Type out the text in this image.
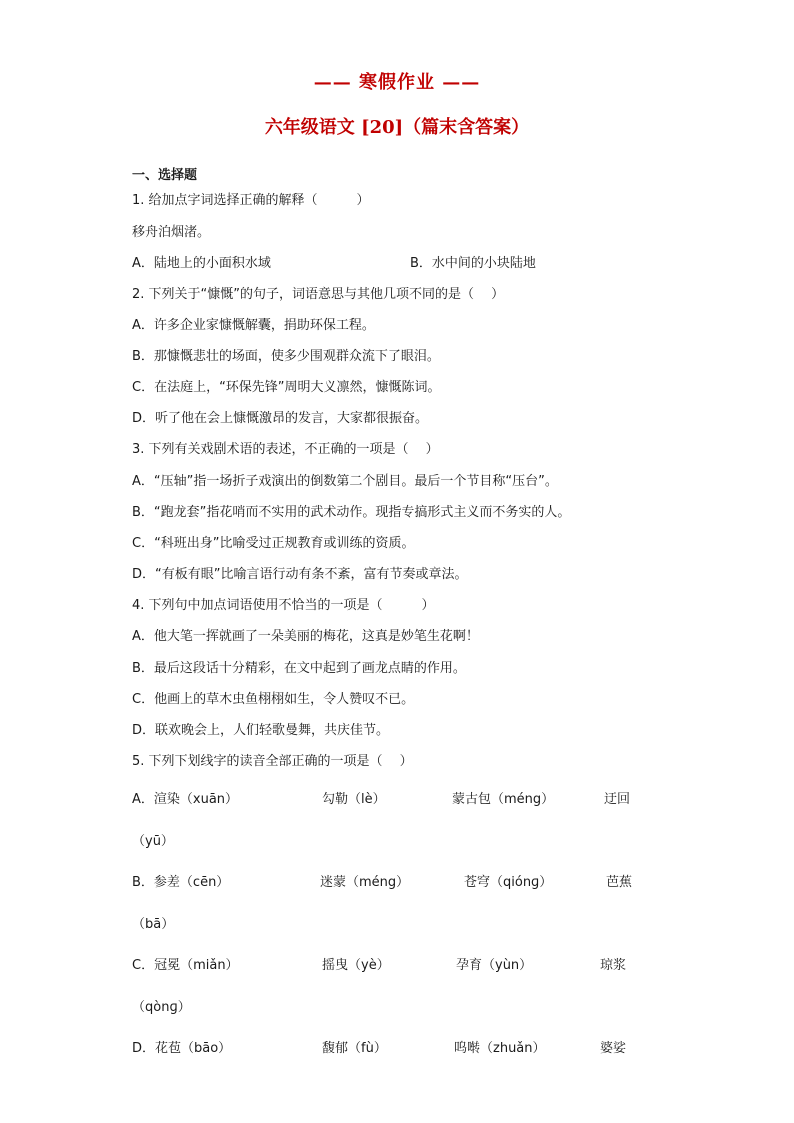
—— 寒假作业 ——
六年级语文 [20]（篇末含答案）
一、选择题
1. 给加点字词选择正确的解释（　　　）
移舟泊烟渚。
A．陆地上的小面积水域	B．水中间的小块陆地
2. 下列关于“慷慨”的句子，词语意思与其他几项不同的是（　 ）
A．许多企业家慷慨解囊，捐助环保工程。
B．那慷慨悲壮的场面，使多少围观群众流下了眼泪。
C．在法庭上，“环保先锋”周明大义凛然，慷慨陈词。
D．听了他在会上慷慨激昂的发言，大家都很振奋。
3. 下列有关戏剧术语的表述，不正确的一项是（　 ）
A．“压轴”指一场折子戏演出的倒数第二个剧目。最后一个节目称“压台”。
B．“跑龙套”指花哨而不实用的武术动作。现指专搞形式主义而不务实的人。
C．“科班出身”比喻受过正规教育或训练的资质。
D．“有板有眼”比喻言语行动有条不紊，富有节奏或章法。
4. 下列句中加点词语使用不恰当的一项是（　　　）
A．他大笔一挥就画了一朵美丽的梅花，这真是妙笔生花啊！
B．最后这段话十分精彩，在文中起到了画龙点睛的作用。
C．他画上的草木虫鱼栩栩如生，令人赞叹不已。
D．联欢晚会上，人们轻歌曼舞，共庆佳节。
5. 下列下划线字的读音全部正确的一项是（　 ）
A．渲染（xuān）	勾勒（lè）	蒙古包（méng）	迂回
（yū）
B．参差（cēn）	迷蒙（méng）	苍穹（qiónɡ）	芭蕉
（bā）
C．冠冕（miǎn）	摇曳（yè）	孕育（yùn）	琼浆
（qònɡ）
D．花苞（bāo）	馥郁（fù）	呜啭（zhuǎn）	婆娑
